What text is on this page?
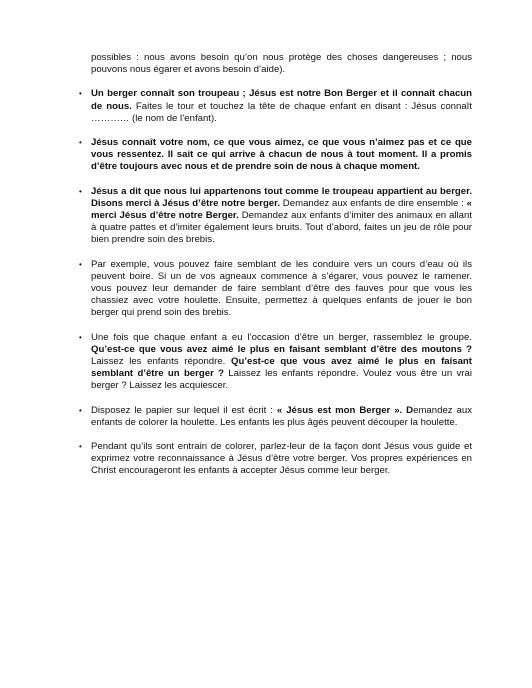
possibles : nous avons besoin qu’on nous protège des choses dangereuses ; nous pouvons nous égarer et avons besoin d’aide).

• Un berger connaît son troupeau ; Jésus est notre Bon Berger et il connaît chacun de nous. Faites le tour et touchez la tête de chaque enfant en disant : Jésus connaît ………… (le nom de l’enfant).

• Jésus connaît votre nom, ce que vous aimez, ce que vous n’aimez pas et ce que vous ressentez. Il sait ce qui arrive à chacun de nous à tout moment. Il a promis d’être toujours avec nous et de prendre soin de nous à chaque moment.

• Jésus a dit que nous lui appartenons tout comme le troupeau appartient au berger. Disons merci à Jésus d’être notre berger. Demandez aux enfants de dire ensemble : « merci Jésus d’être notre Berger. Demandez aux enfants d’imiter des animaux en allant à quatre pattes et d’imiter également leurs bruits. Tout d’abord, faites un jeu de rôle pour bien prendre soin des brebis.

• Par exemple, vous pouvez faire semblant de les conduire vers un cours d’eau où ils peuvent boire. Si un de vos agneaux commence à s’égarer, vous pouvez le ramener. vous pouvez leur demander de faire semblant d’être des fauves pour que vous les chassiez avec votre houlette. Ensuite, permettez à quelques enfants de jouer le bon berger qui prend soin des brebis.

• Une fois que chaque enfant a eu l’occasion d’être un berger, rassemblez le groupe. Qu’est-ce que vous avez aimé le plus en faisant semblant d’être des moutons ? Laissez les enfants répondre. Qu’est-ce que vous avez aimé le plus en faisant semblant d’être un berger ? Laissez les enfants répondre. Voulez vous être un vrai berger ? Laissez les acquiescer.

• Disposez le papier sur lequel il est écrit : « Jésus est mon Berger ». Demandez aux enfants de colorer la houlette. Les enfants les plus âgés peuvent découper la houlette.

• Pendant qu’ils sont entrain de colorer, parlez-leur de la façon dont Jésus vous guide et exprimez votre reconnaissance à Jésus d’être votre berger. Vos propres expériences en Christ encourageront les enfants à accepter Jésus comme leur berger.
